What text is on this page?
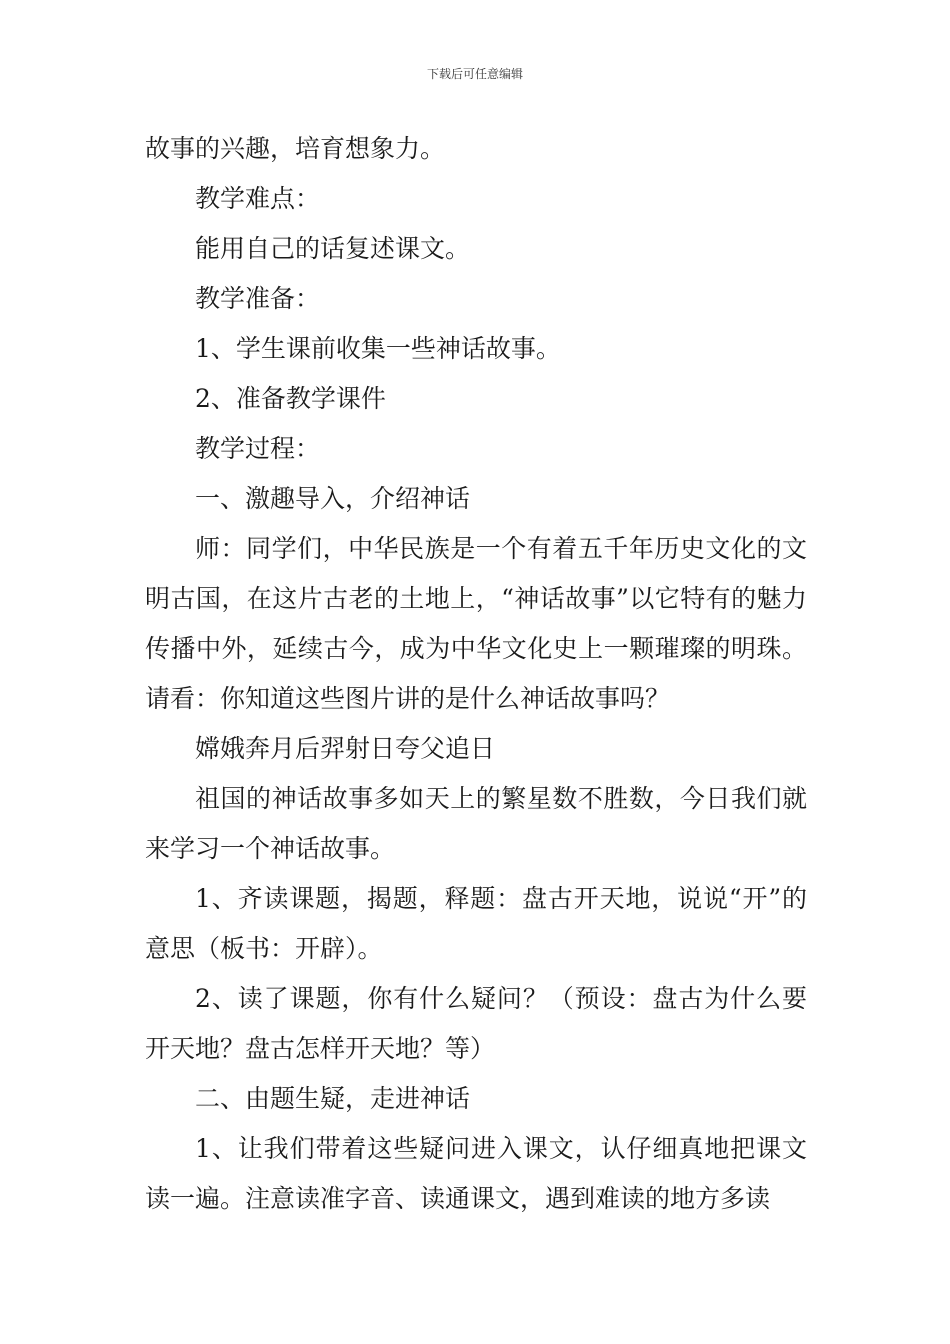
下载后可任意编辑

故事的兴趣，培育想象力。

教学难点：

能用自己的话复述课文。

教学准备：

1、学生课前收集一些神话故事。

2、准备教学课件

教学过程：

一、激趣导入，介绍神话

师：同学们，中华民族是一个有着五千年历史文化的文明古国，在这片古老的土地上，“神话故事”以它特有的魅力传播中外，延续古今，成为中华文化史上一颗璀璨的明珠。请看：你知道这些图片讲的是什么神话故事吗？

嫦娥奔月后羿射日夸父追日

祖国的神话故事多如天上的繁星数不胜数，今日我们就来学习一个神话故事。

1、齐读课题，揭题，释题：盘古开天地，说说“开”的意思（板书：开辟）。

2、读了课题，你有什么疑问？（预设：盘古为什么要开天地？盘古怎样开天地？等）

二、由题生疑，走进神话

1、让我们带着这些疑问进入课文，认仔细真地把课文读一遍。注意读准字音、读通课文，遇到难读的地方多读
